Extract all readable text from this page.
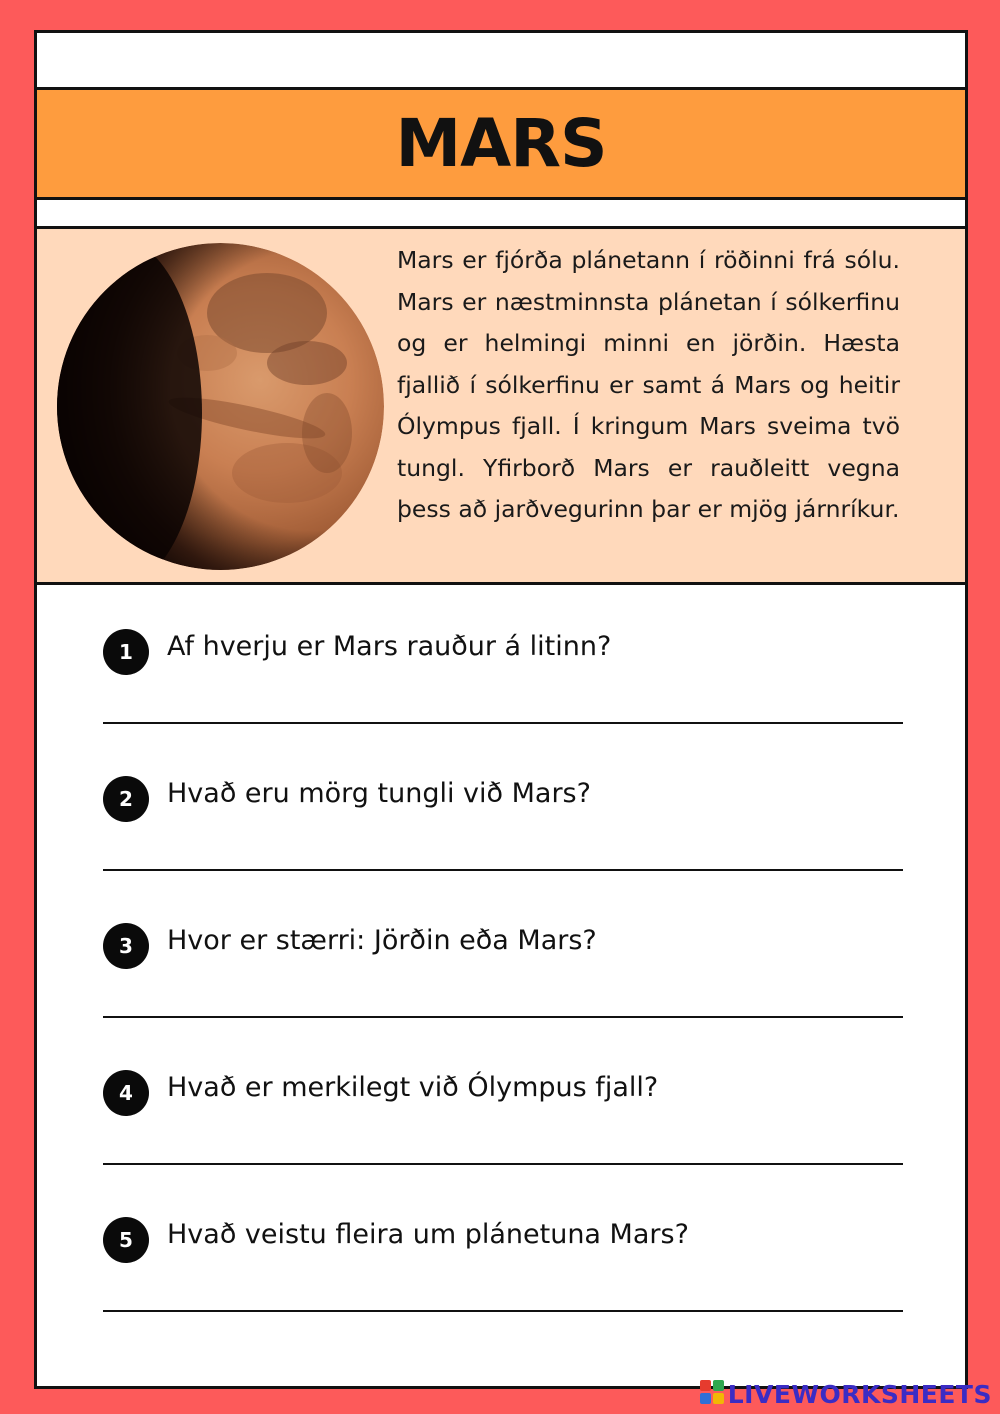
MARS

Mars er fjórða plánetann í röðinni frá sólu. Mars er næstminnsta plánetan í sólkerfinu og er helmingi minni en jörðin. Hæsta fjallið í sólkerfinu er samt á Mars og heitir Ólympus fjall. Í kringum Mars sveima tvö tungl. Yfirborð Mars er rauðleitt vegna þess að jarðvegurinn þar er mjög járnríkur.

1	Af hverju er Mars rauður á litinn?

2	Hvað eru mörg tungli við Mars?

3	Hvor er stærri: Jörðin eða Mars?

4	Hvað er merkilegt við Ólympus fjall?

5	Hvað veistu fleira um plánetuna Mars?

LIVEWORKSHEETS
